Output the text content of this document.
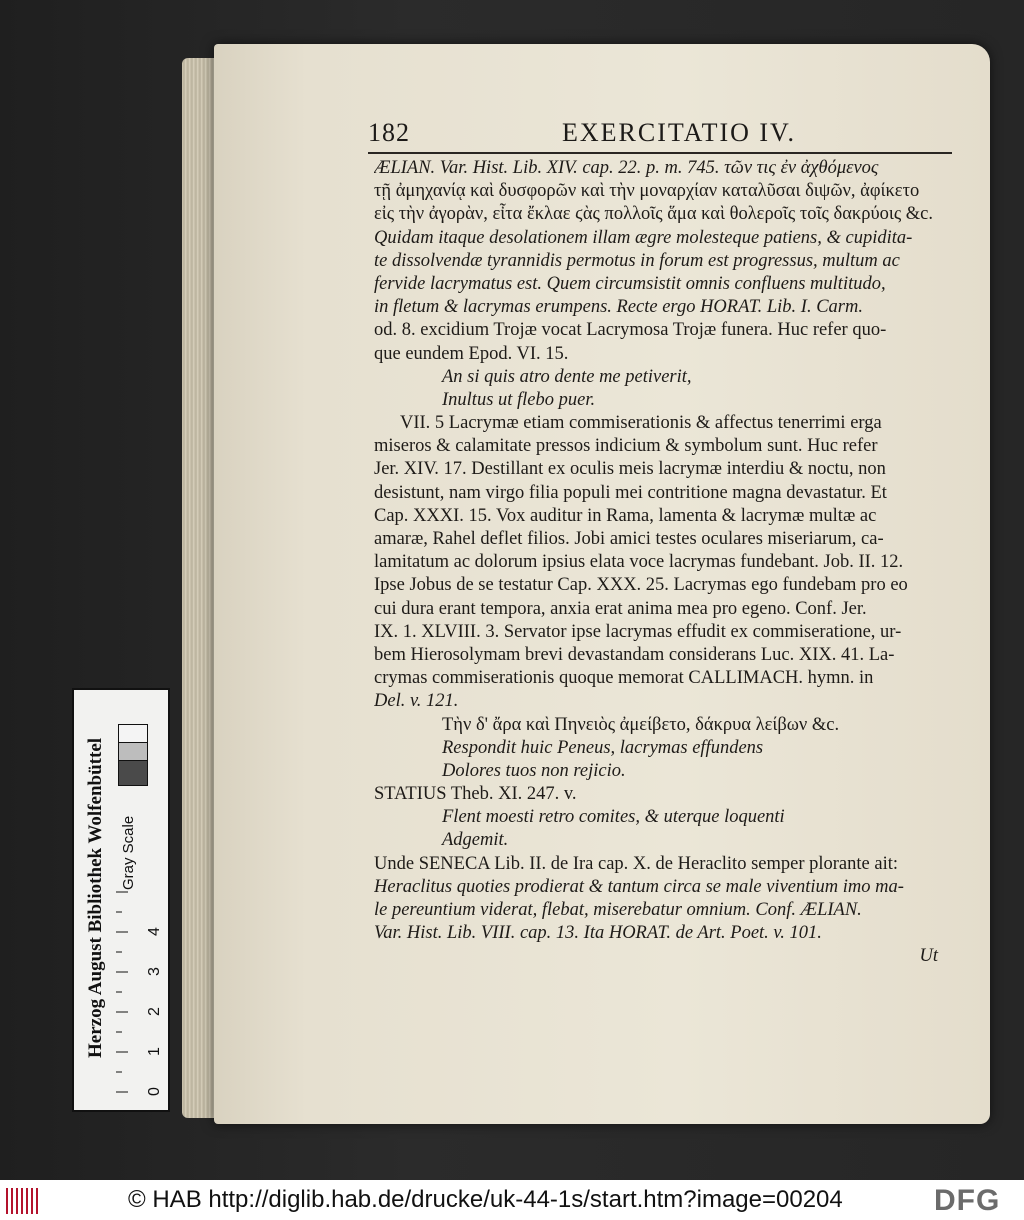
182	EXERCITATIO IV.
ÆLIAN. Var. Hist. Lib. XIV. cap. 22. p. m. 745. τῶν τις ἐν ἀχθόμενος
τῇ ἀμηχανίᾳ καὶ δυσφορῶν καὶ τὴν μοναρχίαν καταλῦσαι διψῶν, ἀφίκετο
εἰς τὴν ἀγορὰν, εἶτα ἔκλαε ϛὰς πολλοῖς ἅμα καὶ θολεροῖς τοῖς δακρύοις &c.
Quidam itaque desolationem illam ægre molesteque patiens, & cupidita-
te dissolvendæ tyrannidis permotus in forum est progressus, multum ac
fervide lacrymatus est. Quem circumsistit omnis confluens multitudo,
in fletum & lacrymas erumpens. Recte ergo HORAT. Lib. I. Carm.
od. 8. excidium Trojæ vocat Lacrymosa Trojæ funera. Huc refer quo-
que eundem Epod. VI. 15.
An si quis atro dente me petiverit,
Inultus ut flebo puer.
VII. 5 Lacrymæ etiam commiserationis & affectus tenerrimi erga
miseros & calamitate pressos indicium & symbolum sunt. Huc refer
Jer. XIV. 17. Destillant ex oculis meis lacrymæ interdiu & noctu, non
desistunt, nam virgo filia populi mei contritione magna devastatur. Et
Cap. XXXI. 15. Vox auditur in Rama, lamenta & lacrymæ multæ ac
amaræ, Rahel deflet filios. Jobi amici testes oculares miseriarum, ca-
lamitatum ac dolorum ipsius elata voce lacrymas fundebant. Job. II. 12.
Ipse Jobus de se testatur Cap. XXX. 25. Lacrymas ego fundebam pro eo
cui dura erant tempora, anxia erat anima mea pro egeno. Conf. Jer.
IX. 1. XLVIII. 3. Servator ipse lacrymas effudit ex commiseratione, ur-
bem Hierosolymam brevi devastandam considerans Luc. XIX. 41. La-
crymas commiserationis quoque memorat CALLIMACH. hymn. in
Del. v. 121.
Τὴν δ' ἄρα καὶ Πηνειὸς ἀμείβετο, δάκρυα λείβων &c.
Respondit huic Peneus, lacrymas effundens
Dolores tuos non rejicio.
STATIUS Theb. XI. 247. v.
Flent moesti retro comites, & uterque loquenti
Adgemit.
Unde SENECA Lib. II. de Ira cap. X. de Heraclito semper plorante ait:
Heraclitus quoties prodierat & tantum circa se male viventium imo ma-
le pereuntium viderat, flebat, miserebatur omnium. Conf. ÆLIAN.
Var. Hist. Lib. VIII. cap. 13. Ita HORAT. de Art. Poet. v. 101.
Ut
Herzog August Bibliothek Wolfenbüttel Gray Scale
0
1
2
3
4
© HAB http://diglib.hab.de/drucke/uk-44-1s/start.htm?image=00204	DFG
